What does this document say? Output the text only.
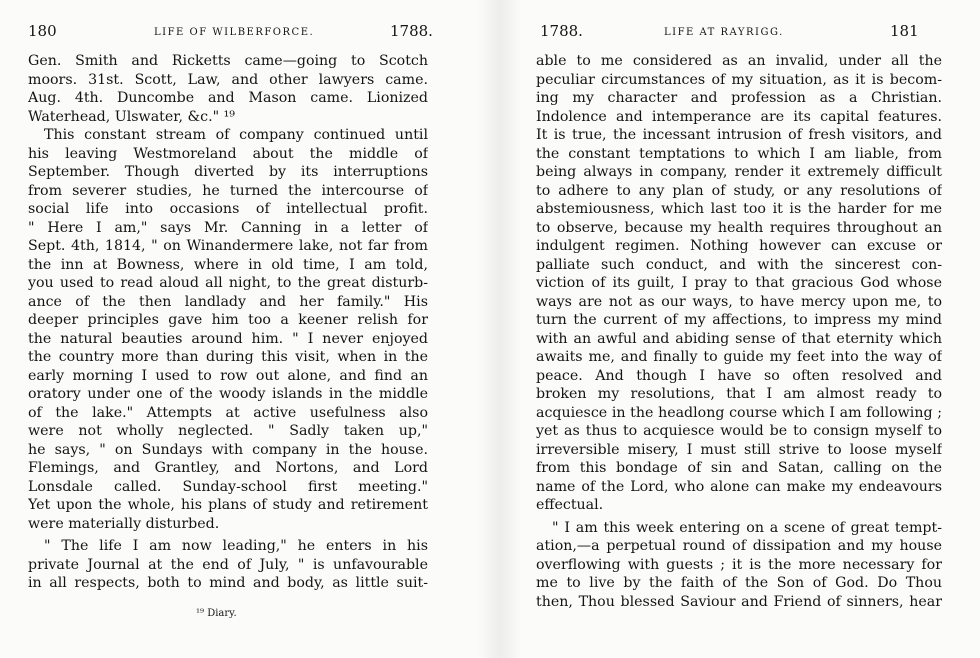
180	LIFE OF WILBERFORCE.	1788.
Gen. Smith and Ricketts came—going to Scotch
moors. 31st. Scott, Law, and other lawyers came.
Aug. 4th. Duncombe and Mason came. Lionized
Waterhead, Ulswater, &c." ¹⁹
This constant stream of company continued until
his leaving Westmoreland about the middle of
September. Though diverted by its interruptions
from severer studies, he turned the intercourse of
social life into occasions of intellectual profit.
" Here I am," says Mr. Canning in a letter of
Sept. 4th, 1814, " on Winandermere lake, not far from
the inn at Bowness, where in old time, I am told,
you used to read aloud all night, to the great disturb-
ance of the then landlady and her family." His
deeper principles gave him too a keener relish for
the natural beauties around him. " I never enjoyed
the country more than during this visit, when in the
early morning I used to row out alone, and find an
oratory under one of the woody islands in the middle
of the lake." Attempts at active usefulness also
were not wholly neglected. " Sadly taken up,"
he says, " on Sundays with company in the house.
Flemings, and Grantley, and Nortons, and Lord
Lonsdale called. Sunday-school first meeting."
Yet upon the whole, his plans of study and retirement
were materially disturbed.
" The life I am now leading," he enters in his
private Journal at the end of July, " is unfavourable
in all respects, both to mind and body, as little suit-
¹⁹ Diary.
1788.	LIFE AT RAYRIGG.	181
able to me considered as an invalid, under all the
peculiar circumstances of my situation, as it is becom-
ing my character and profession as a Christian.
Indolence and intemperance are its capital features.
It is true, the incessant intrusion of fresh visitors, and
the constant temptations to which I am liable, from
being always in company, render it extremely difficult
to adhere to any plan of study, or any resolutions of
abstemiousness, which last too it is the harder for me
to observe, because my health requires throughout an
indulgent regimen. Nothing however can excuse or
palliate such conduct, and with the sincerest con-
viction of its guilt, I pray to that gracious God whose
ways are not as our ways, to have mercy upon me, to
turn the current of my affections, to impress my mind
with an awful and abiding sense of that eternity which
awaits me, and finally to guide my feet into the way of
peace. And though I have so often resolved and
broken my resolutions, that I am almost ready to
acquiesce in the headlong course which I am following ;
yet as thus to acquiesce would be to consign myself to
irreversible misery, I must still strive to loose myself
from this bondage of sin and Satan, calling on the
name of the Lord, who alone can make my endeavours
effectual.
" I am this week entering on a scene of great tempt-
ation,—a perpetual round of dissipation and my house
overflowing with guests ; it is the more necessary for
me to live by the faith of the Son of God. Do Thou
then, Thou blessed Saviour and Friend of sinners, hear
